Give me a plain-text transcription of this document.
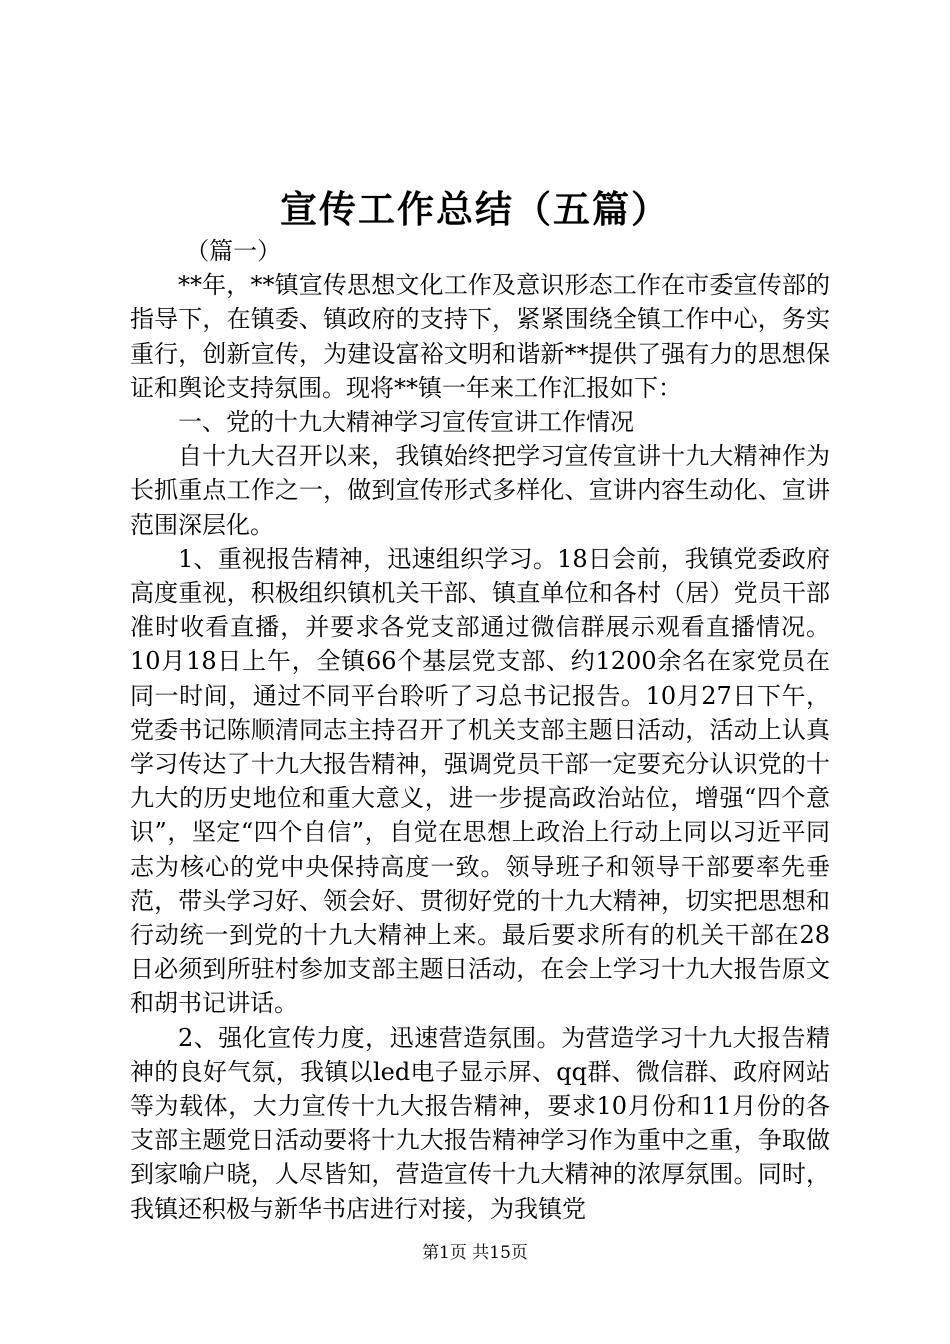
宣传工作总结（五篇）

（篇一）

**年，**镇宣传思想文化工作及意识形态工作在市委宣传部的指导下，在镇委、镇政府的支持下，紧紧围绕全镇工作中心，务实重行，创新宣传，为建设富裕文明和谐新**提供了强有力的思想保证和舆论支持氛围。现将**镇一年来工作汇报如下：

一、党的十九大精神学习宣传宣讲工作情况

自十九大召开以来，我镇始终把学习宣传宣讲十九大精神作为长抓重点工作之一，做到宣传形式多样化、宣讲内容生动化、宣讲范围深层化。

1、重视报告精神，迅速组织学习。18日会前，我镇党委政府高度重视，积极组织镇机关干部、镇直单位和各村（居）党员干部准时收看直播，并要求各党支部通过微信群展示观看直播情况。10月18日上午，全镇66个基层党支部、约1200余名在家党员在同一时间，通过不同平台聆听了习总书记报告。10月27日下午，党委书记陈顺清同志主持召开了机关支部主题日活动，活动上认真学习传达了十九大报告精神，强调党员干部一定要充分认识党的十九大的历史地位和重大意义，进一步提高政治站位，增强“四个意识”，坚定“四个自信”，自觉在思想上政治上行动上同以习近平同志为核心的党中央保持高度一致。领导班子和领导干部要率先垂范，带头学习好、领会好、贯彻好党的十九大精神，切实把思想和行动统一到党的十九大精神上来。最后要求所有的机关干部在28日必须到所驻村参加支部主题日活动，在会上学习十九大报告原文和胡书记讲话。

2、强化宣传力度，迅速营造氛围。为营造学习十九大报告精神的良好气氛，我镇以led电子显示屏、qq群、微信群、政府网站等为载体，大力宣传十九大报告精神，要求10月份和11月份的各支部主题党日活动要将十九大报告精神学习作为重中之重，争取做到家喻户晓，人尽皆知，营造宣传十九大精神的浓厚氛围。同时，我镇还积极与新华书店进行对接，为我镇党

第1页 共15页
